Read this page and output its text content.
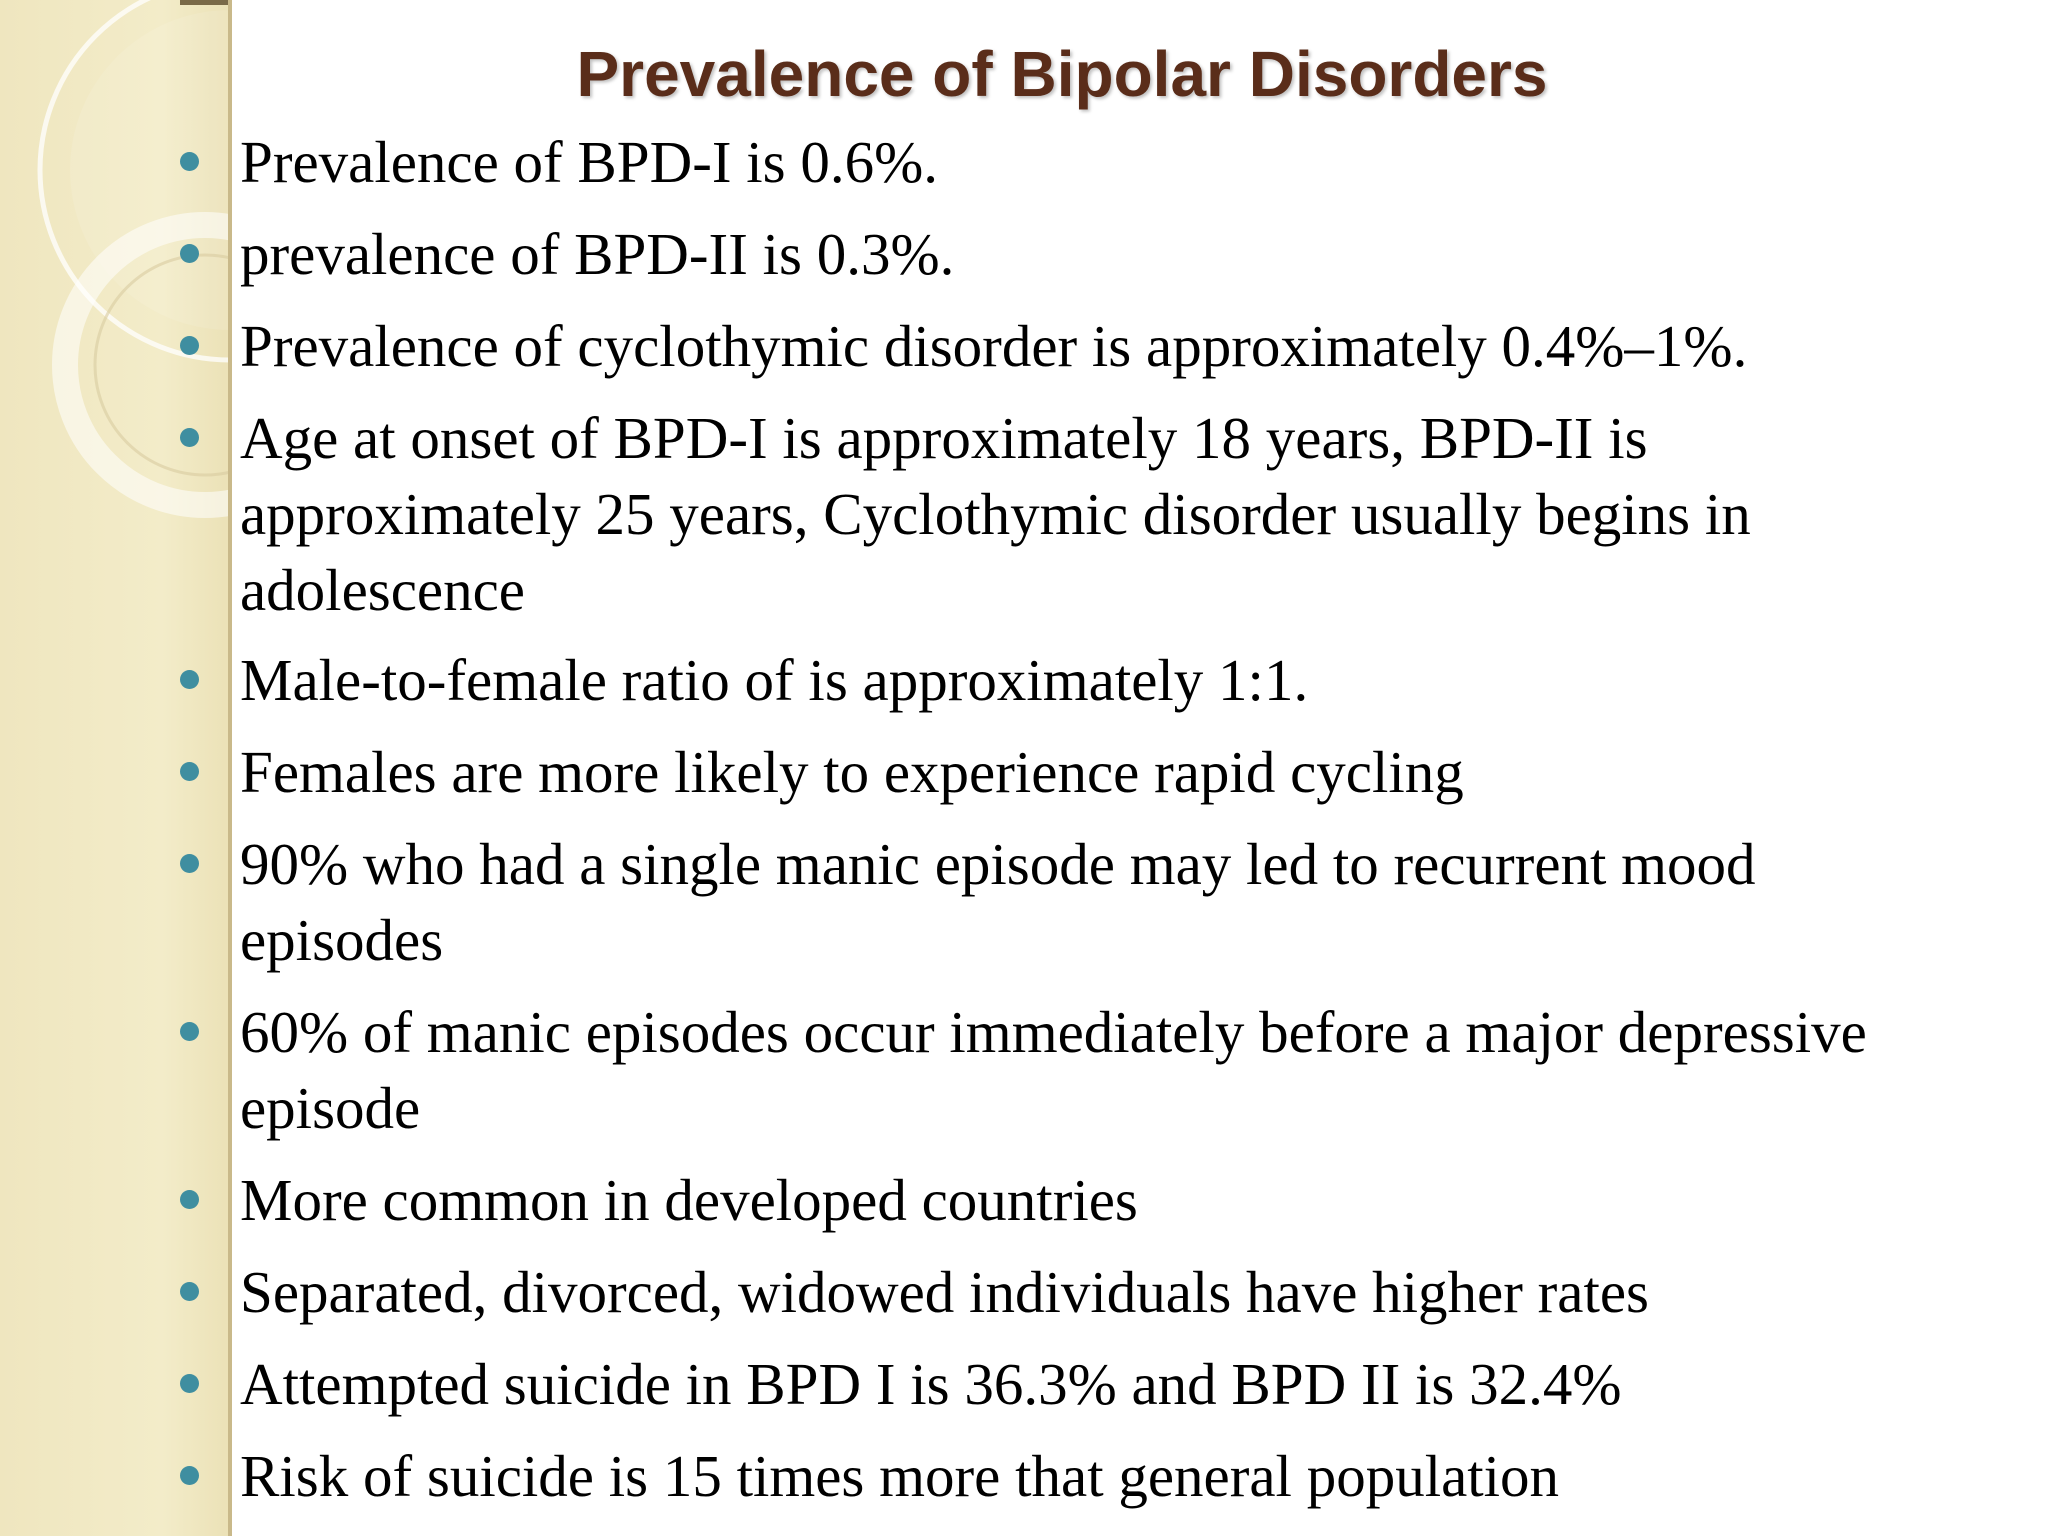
Prevalence of Bipolar Disorders
Prevalence of BPD-I is 0.6%.
prevalence of BPD-II is 0.3%.
Prevalence of cyclothymic disorder is approximately 0.4%–1%.
Age at onset of BPD-I is approximately 18 years, BPD-II is
approximately 25 years, Cyclothymic disorder usually begins in
adolescence
Male-to-female ratio of is approximately 1:1.
Females are more likely to experience rapid cycling
90% who had a single manic episode may led to recurrent mood
episodes
60% of manic episodes occur immediately before a major depressive
episode
More common in developed countries
Separated, divorced, widowed individuals have higher rates
Attempted suicide in BPD I is 36.3% and BPD II is 32.4%
Risk of suicide is 15 times more that general population
